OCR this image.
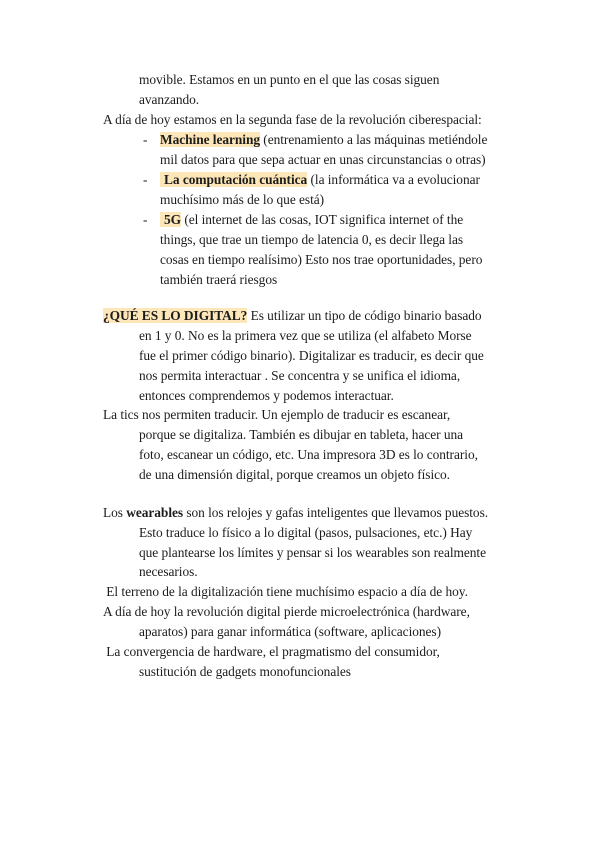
movible. Estamos en un punto en el que las cosas siguen
avanzando.
A día de hoy estamos en la segunda fase de la revolución ciberespacial:
- Machine learning (entrenamiento a las máquinas metiéndole
mil datos para que sepa actuar en unas circunstancias o otras)
- La computación cuántica (la informática va a evolucionar
muchísimo más de lo que está)
- 5G (el internet de las cosas, IOT significa internet of the
things, que trae un tiempo de latencia 0, es decir llega las
cosas en tiempo realísimo) Esto nos trae oportunidades, pero
también traerá riesgos
¿QUÉ ES LO DIGITAL? Es utilizar un tipo de código binario basado
en 1 y 0. No es la primera vez que se utiliza (el alfabeto Morse
fue el primer código binario). Digitalizar es traducir, es decir que
nos permita interactuar . Se concentra y se unifica el idioma,
entonces comprendemos y podemos interactuar.
La tics nos permiten traducir. Un ejemplo de traducir es escanear,
porque se digitaliza. También es dibujar en tableta, hacer una
foto, escanear un código, etc. Una impresora 3D es lo contrario,
de una dimensión digital, porque creamos un objeto físico.
Los wearables son los relojes y gafas inteligentes que llevamos puestos.
Esto traduce lo físico a lo digital (pasos, pulsaciones, etc.) Hay
que plantearse los límites y pensar si los wearables son realmente
necesarios.
El terreno de la digitalización tiene muchísimo espacio a día de hoy.
A día de hoy la revolución digital pierde microelectrónica (hardware,
aparatos) para ganar informática (software, aplicaciones)
La convergencia de hardware, el pragmatismo del consumidor,
sustitución de gadgets monofuncionales
